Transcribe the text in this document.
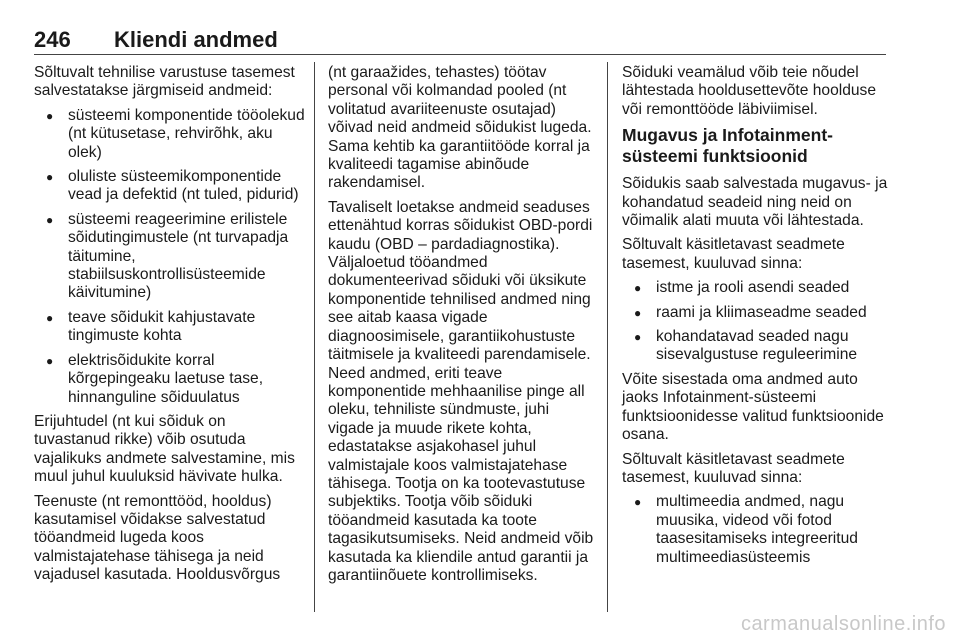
246 Kliendi andmed

Sõltuvalt tehnilise varustuse tasemest salvestatakse järgmiseid andmeid:

● süsteemi komponentide tööolekud (nt kütusetase, rehvirõhk, aku olek)
● oluliste süsteemikomponentide vead ja defektid (nt tuled, pidurid)
● süsteemi reageerimine erilistele sõidutingimustele (nt turvapadja täitumine, stabiilsuskontrollisüsteemide käivitumine)
● teave sõidukit kahjustavate tingimuste kohta
● elektrisõidukite korral kõrgepingeaku laetuse tase, hinnanguline sõiduulatus

Erijuhtudel (nt kui sõiduk on tuvastanud rikke) võib osutuda vajalikuks andmete salvestamine, mis muul juhul kuuluksid hävivate hulka.

Teenuste (nt remonttööd, hooldus) kasutamisel võidakse salvestatud tööandmeid lugeda koos valmistajatehase tähisega ja neid vajadusel kasutada. Hooldusvõrgus

(nt garaažides, tehastes) töötav personal või kolmandad pooled (nt volitatud avariiteenuste osutajad) võivad neid andmeid sõidukist lugeda. Sama kehtib ka garantiitööde korral ja kvaliteedi tagamise abinõude rakendamisel.

Tavaliselt loetakse andmeid seaduses ettenähtud korras sõidukist OBD-pordi kaudu (OBD – pardadiagnostika). Väljaloetud tööandmed dokumenteerivad sõiduki või üksikute komponentide tehnilised andmed ning see aitab kaasa vigade diagnoosimisele, garantiikohustuste täitmisele ja kvaliteedi parendamisele. Need andmed, eriti teave komponentide mehhaanilise pinge all oleku, tehniliste sündmuste, juhi vigade ja muude rikete kohta, edastatakse asjakohasel juhul valmistajale koos valmistajatehase tähisega. Tootja on ka tootevastutuse subjektiks. Tootja võib sõiduki tööandmeid kasutada ka toote tagasikutsumiseks. Neid andmeid võib kasutada ka kliendile antud garantii ja garantiinõuete kontrollimiseks.

Sõiduki veamälud võib teie nõudel lähtestada hooldusettevõte hoolduse või remonttööde läbiviimisel.

Mugavus ja Infotainment-süsteemi funktsioonid

Sõidukis saab salvestada mugavus- ja kohandatud seadeid ning neid on võimalik alati muuta või lähtestada.

Sõltuvalt käsitletavast seadmete tasemest, kuuluvad sinna:

● istme ja rooli asendi seaded
● raami ja kliimaseadme seaded
● kohandatavad seaded nagu sisevalgustuse reguleerimine

Võite sisestada oma andmed auto jaoks Infotainment-süsteemi funktsioonidesse valitud funktsioonide osana.

Sõltuvalt käsitletavast seadmete tasemest, kuuluvad sinna:

● multimeedia andmed, nagu muusika, videod või fotod taasesitamiseks integreeritud multimeediasüsteemis
carmanualsonline.info
